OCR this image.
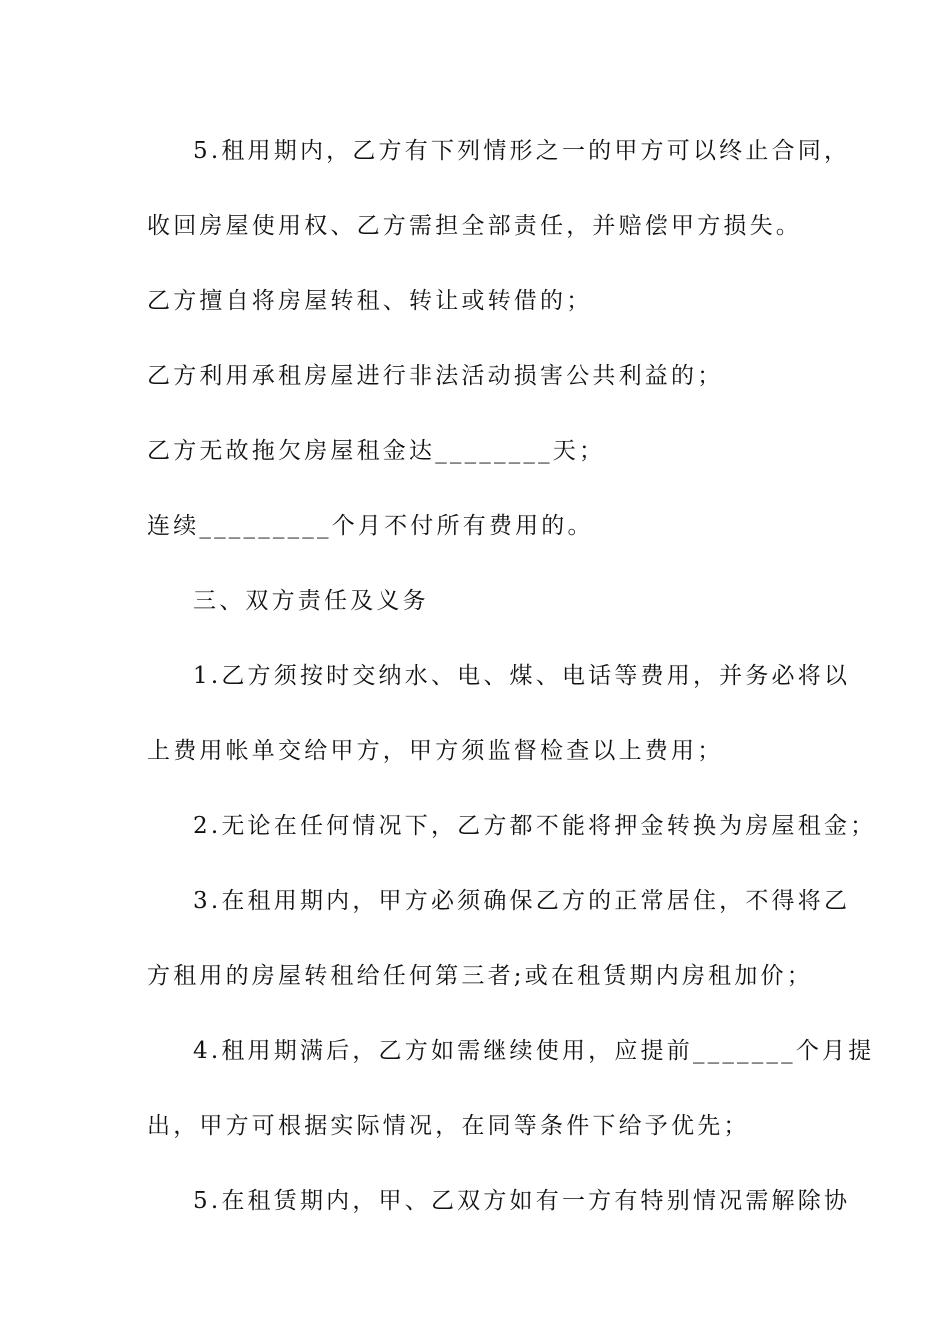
5.租用期内，乙方有下列情形之一的甲方可以终止合同，
收回房屋使用权、乙方需担全部责任，并赔偿甲方损失。
乙方擅自将房屋转租、转让或转借的；
乙方利用承租房屋进行非法活动损害公共利益的；
乙方无故拖欠房屋租金达________天；
连续_________个月不付所有费用的。
三、双方责任及义务
1.乙方须按时交纳水、电、煤、电话等费用，并务必将以
上费用帐单交给甲方，甲方须监督检查以上费用；
2.无论在任何情况下，乙方都不能将押金转换为房屋租金；
3.在租用期内，甲方必须确保乙方的正常居住，不得将乙
方租用的房屋转租给任何第三者;或在租赁期内房租加价；
4.租用期满后，乙方如需继续使用，应提前_______个月提
出，甲方可根据实际情况，在同等条件下给予优先；
5.在租赁期内，甲、乙双方如有一方有特别情况需解除协
